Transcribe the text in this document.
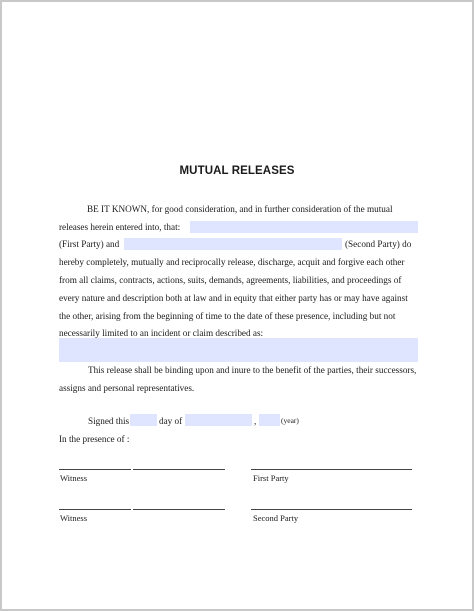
MUTUAL RELEASES
BE IT KNOWN, for good consideration, and in further consideration of the mutual
releases herein entered into, that:
(First Party) and	(Second Party) do
hereby completely, mutually and reciprocally release, discharge, acquit and forgive each other
from all claims, contracts, actions, suits, demands, agreements, liabilities, and proceedings of
every nature and description both at law and in equity that either party has or may have against
the other, arising from the beginning of time to the date of these presence, including but not
necessarily limited to an incident or claim described as:
This release shall be binding upon and inure to the benefit of the parties, their successors,
assigns and personal representatives.
Signed this	day of	,	(year)
In the presence of :
Witness	First Party
Witness	Second Party
